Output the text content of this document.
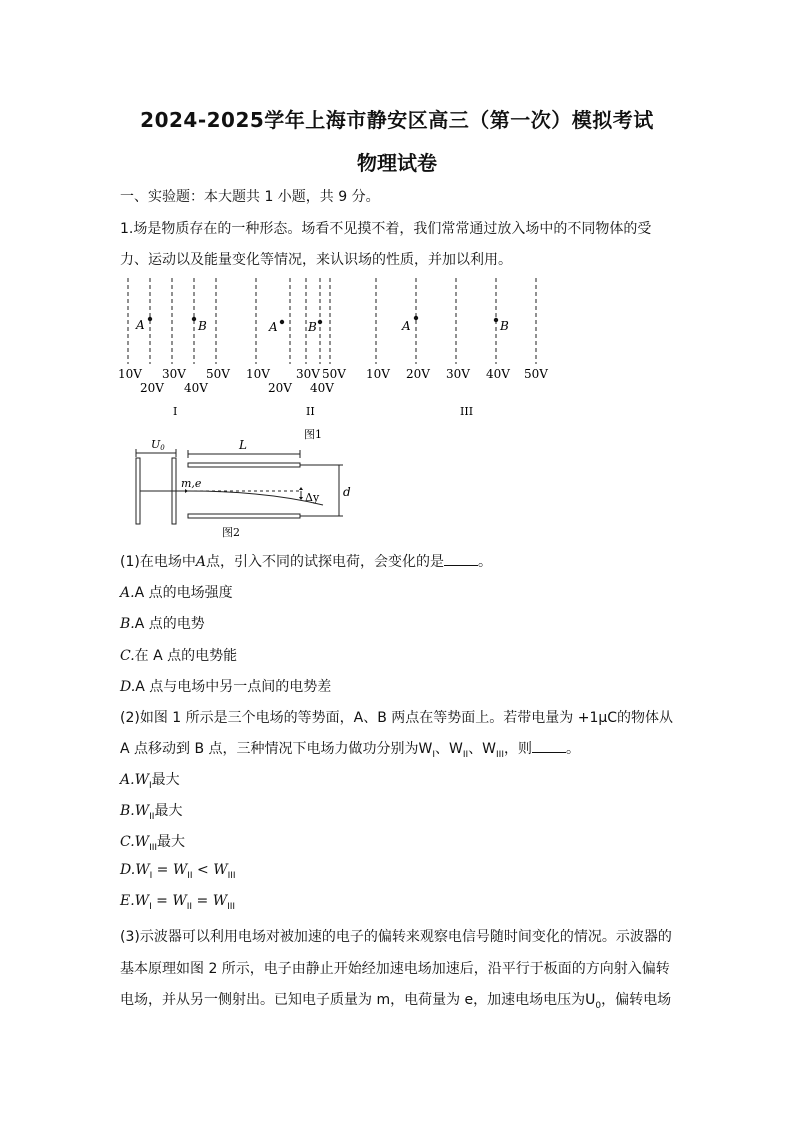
2024-2025学年上海市静安区高三（第一次）模拟考试
物理试卷
一、实验题：本大题共 1 小题，共 9 分。
1.场是物质存在的一种形态。场看不见摸不着，我们常常通过放入场中的不同物体的受
力、运动以及能量变化等情况，来认识场的性质，并加以利用。
A	B	A	B	A	B
10V 30V 50V
20V 40V
10V 30V 50V
20V 40V
10V 20V 30V 40V 50V
I	II	III
图1
U0	L
m,e
Δy d
图2
(1)在电场中A点，引入不同的试探电荷，会变化的是 。
A.A 点的电场强度
B.A 点的电势
C.在 A 点的电势能
D.A 点与电场中另一点间的电势差
(2)如图 1 所示是三个电场的等势面，A、B 两点在等势面上。若带电量为 +1μC的物体从
A 点移动到 B 点，三种情况下电场力做功分别为$W_I$、$W_{II}$、$W_{III}$，则 。
$A.W_I$最大
$B.W_{II}$最大
$C.W_{III}$最大
$D.W_I = W_{II} < W_{III}$
$E.W_I = W_{II} = W_{III}$
(3)示波器可以利用电场对被加速的电子的偏转来观察电信号随时间变化的情况。示波器的
基本原理如图 2 所示，电子由静止开始经加速电场加速后，沿平行于板面的方向射入偏转
电场，并从另一侧射出。已知电子质量为 m，电荷量为 e，加速电场电压为$U_0$，偏转电场
